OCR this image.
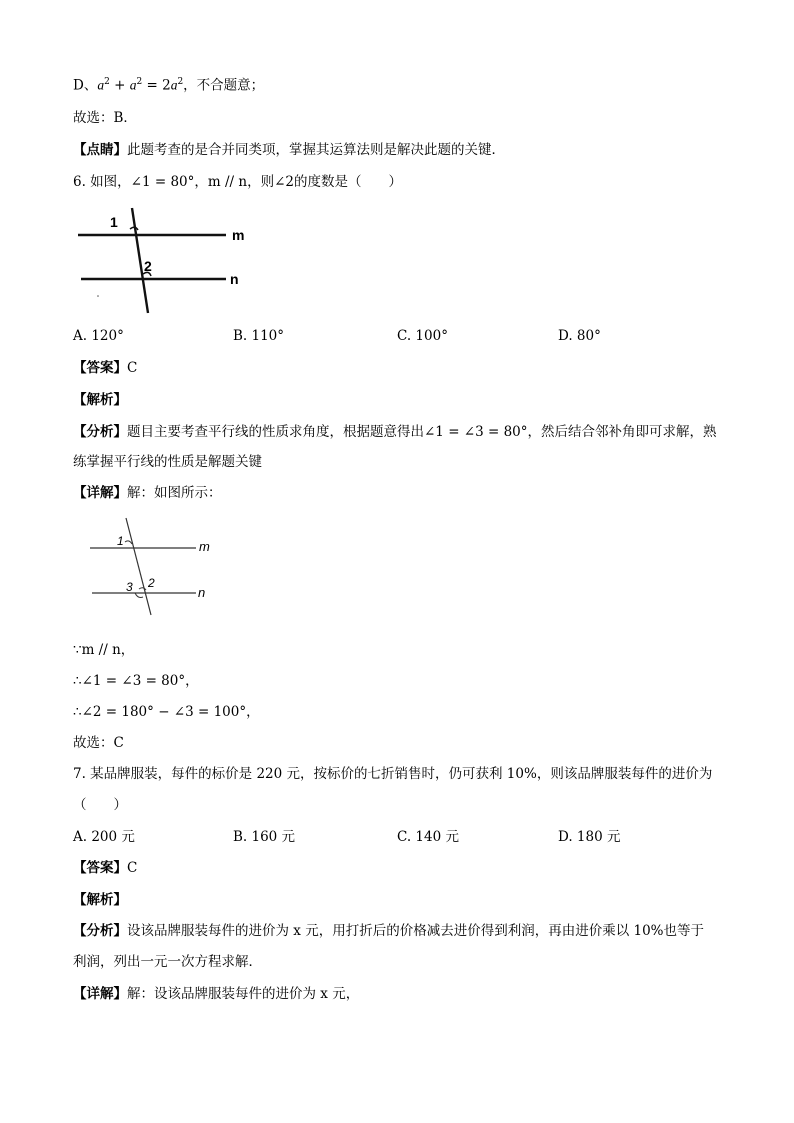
D、$a^2 + a^2 = 2a^2$，不合题意；
故选：B．
【点睛】此题考查的是合并同类项，掌握其运算法则是解决此题的关键．
6. 如图，∠1 = 80°，m // n，则∠2的度数是（　　）
1
2
m
n
A. 120°	B. 110°	C. 100°	D. 80°
【答案】C
【解析】
【分析】题目主要考查平行线的性质求角度，根据题意得出∠1 = ∠3 = 80°，然后结合邻补角即可求解，熟
练掌握平行线的性质是解题关键
【详解】解：如图所示：
1
2
3
m
n
∵m // n，
∴∠1 = ∠3 = 80°，
∴∠2 = 180° − ∠3 = 100°，
故选：C
7. 某品牌服装，每件的标价是 220 元，按标价的七折销售时，仍可获利 10%，则该品牌服装每件的进价为
（　　）
A. 200 元	B. 160 元	C. 140 元	D. 180 元
【答案】C
【解析】
【分析】设该品牌服装每件的进价为 x 元，用打折后的价格减去进价得到利润，再由进价乘以 10%也等于
利润，列出一元一次方程求解．
【详解】解：设该品牌服装每件的进价为 x 元，
